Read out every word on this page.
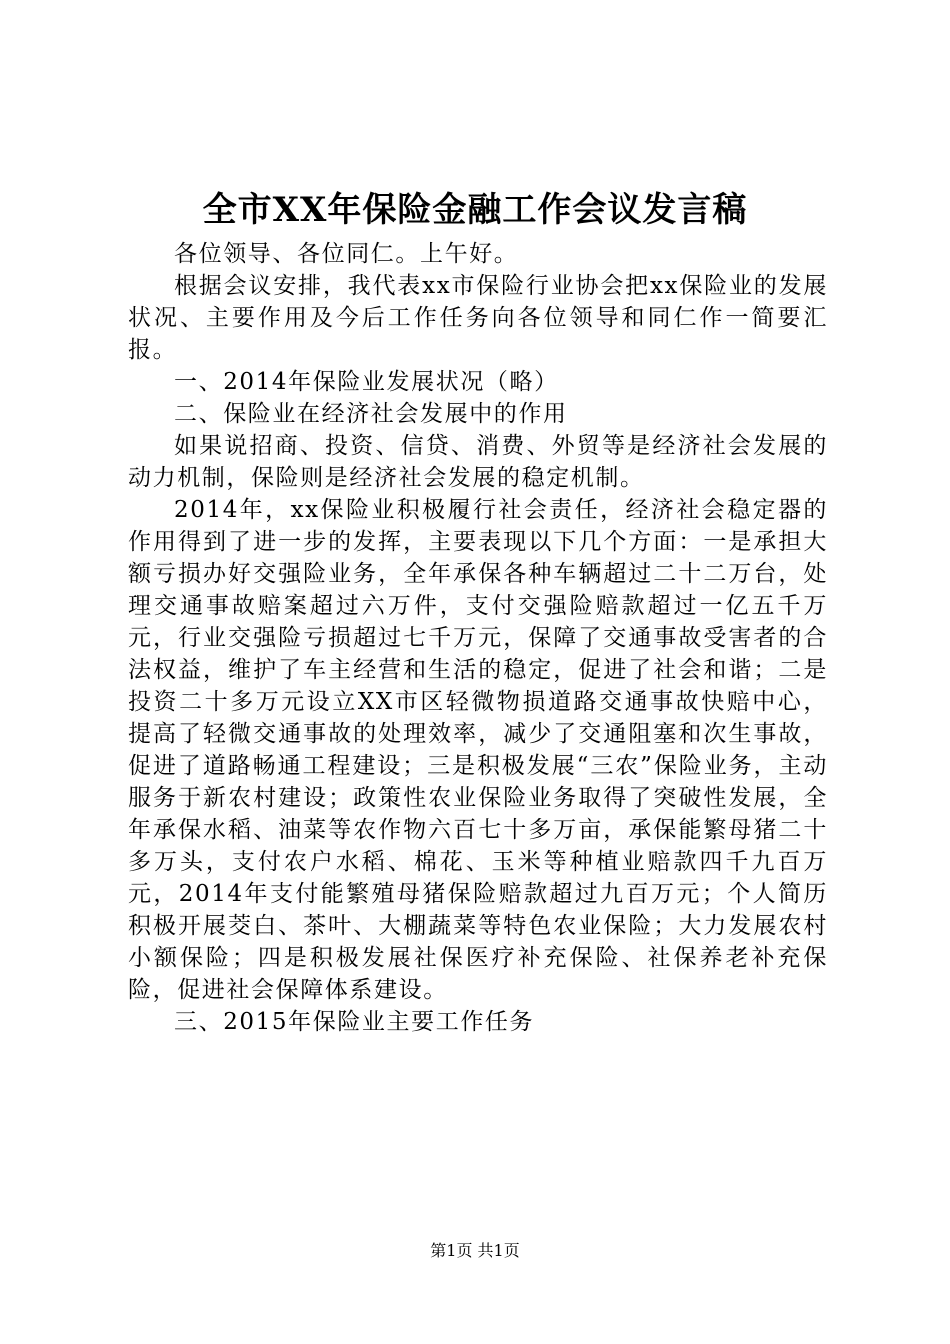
全市XX年保险金融工作会议发言稿

各位领导、各位同仁。上午好。

根据会议安排，我代表xx市保险行业协会把xx保险业的发展状况、主要作用及今后工作任务向各位领导和同仁作一简要汇报。

一、2014年保险业发展状况（略）

二、保险业在经济社会发展中的作用

如果说招商、投资、信贷、消费、外贸等是经济社会发展的动力机制，保险则是经济社会发展的稳定机制。

2014年，xx保险业积极履行社会责任，经济社会稳定器的作用得到了进一步的发挥，主要表现以下几个方面：一是承担大额亏损办好交强险业务，全年承保各种车辆超过二十二万台，处理交通事故赔案超过六万件，支付交强险赔款超过一亿五千万元，行业交强险亏损超过七千万元，保障了交通事故受害者的合法权益，维护了车主经营和生活的稳定，促进了社会和谐；二是投资二十多万元设立XX市区轻微物损道路交通事故快赔中心，提高了轻微交通事故的处理效率，减少了交通阻塞和次生事故，促进了道路畅通工程建设；三是积极发展“三农”保险业务，主动服务于新农村建设；政策性农业保险业务取得了突破性发展，全年承保水稻、油菜等农作物六百七十多万亩，承保能繁母猪二十多万头，支付农户水稻、棉花、玉米等种植业赔款四千九百万元，2014年支付能繁殖母猪保险赔款超过九百万元；个人简历积极开展茭白、茶叶、大棚蔬菜等特色农业保险；大力发展农村小额保险；四是积极发展社保医疗补充保险、社保养老补充保险，促进社会保障体系建设。

三、2015年保险业主要工作任务

第1页 共1页
